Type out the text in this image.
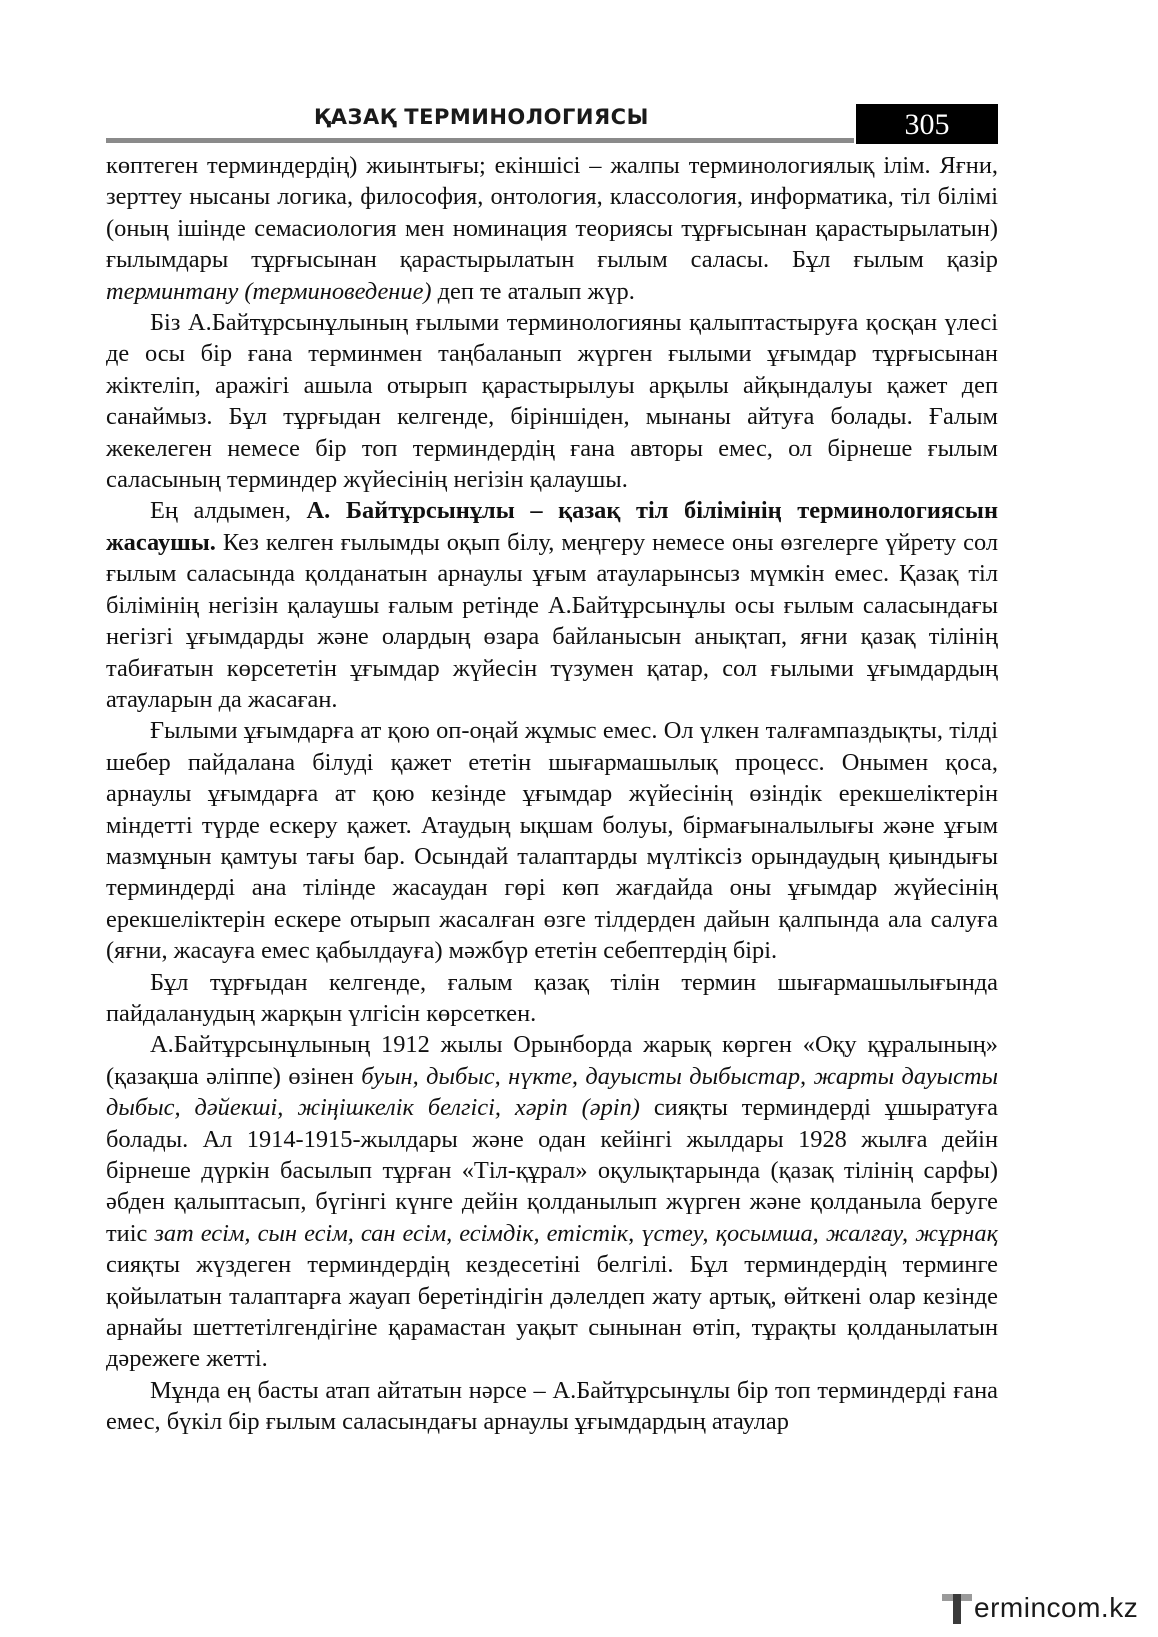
ҚАЗАҚ ТЕРМИНОЛОГИЯСЫ	305

көптеген терминдердің) жиынтығы; екіншісі – жалпы терминологиялық ілім. Яғни, зерттеу нысаны логика, философия, онтология, классология, информатика, тіл білімі (оның ішінде семасиология мен номинация теориясы тұрғысынан қарастырылатын) ғылымдары тұрғысынан қарастырылатын ғылым саласы. Бұл ғылым қазір терминтану (терминоведение) деп те аталып жүр.

Біз А.Байтұрсынұлының ғылыми терминологияны қалыптастыруға қосқан үлесі де осы бір ғана терминмен таңбаланып жүрген ғылыми ұғымдар тұрғысынан жіктеліп, аражігі ашыла отырып қарастырылуы арқылы айқындалуы қажет деп санаймыз. Бұл тұрғыдан келгенде, біріншіден, мынаны айтуға болады. Ғалым жекелеген немесе бір топ терминдердің ғана авторы емес, ол бірнеше ғылым саласының терминдер жүйесінің негізін қалаушы.

Ең алдымен, А. Байтұрсынұлы – қазақ тіл білімінің терминологиясын жасаушы. Кез келген ғылымды оқып білу, меңгеру немесе оны өзгелерге үйрету сол ғылым саласында қолданатын арнаулы ұғым атауларынсыз мүмкін емес. Қазақ тіл білімінің негізін қалаушы ғалым ретінде А.Байтұрсынұлы осы ғылым саласындағы негізгі ұғымдарды және олардың өзара байланысын анықтап, яғни қазақ тілінің табиғатын көрсететін ұғымдар жүйесін түзумен қатар, сол ғылыми ұғымдардың атауларын да жасаған.

Ғылыми ұғымдарға ат қою оп-оңай жұмыс емес. Ол үлкен талғампаздықты, тілді шебер пайдалана білуді қажет ететін шығармашылық процесс. Онымен қоса, арнаулы ұғымдарға ат қою кезінде ұғымдар жүйесінің өзіндік ерекшеліктерін міндетті түрде ескеру қажет. Атаудың ықшам болуы, бірмағыналылығы және ұғым мазмұнын қамтуы тағы бар. Осындай талаптарды мүлтіксіз орындаудың қиындығы терминдерді ана тілінде жасаудан гөрі көп жағдайда оны ұғымдар жүйесінің ерекшеліктерін ескере отырып жасалған өзге тілдерден дайын қалпында ала салуға (яғни, жасауға емес қабылдауға) мәжбүр ететін себептердің бірі.

Бұл тұрғыдан келгенде, ғалым қазақ тілін термин шығармашылығында пайдаланудың жарқын үлгісін көрсеткен.

А.Байтұрсынұлының 1912 жылы Орынборда жарық көрген «Оқу құралының» (қазақша әліппе) өзінен буын, дыбыс, нүкте, дауысты дыбыстар, жарты дауысты дыбыс, дәйекші, жіңішкелік белгісі, хәріп (әріп) сияқты терминдерді ұшыратуға болады. Ал 1914-1915-жылдары және одан кейінгі жылдары 1928 жылға дейін бірнеше дүркін басылып тұрған «Тіл-құрал» оқулықтарында (қазақ тілінің сарфы) әбден қалыптасып, бүгінгі күнге дейін қолданылып жүрген және қолданыла беруге тиіс зат есім, сын есім, сан есім, есімдік, етістік, үстеу, қосымша, жалғау, жұрнақ сияқты жүздеген терминдердің кездесетіні белгілі. Бұл терминдердің терминге қойылатын талаптарға жауап беретіндігін дәлелдеп жату артық, өйткені олар кезінде арнайы шеттетілгендігіне қарамастан уақыт сынынан өтіп, тұрақты қолданылатын дәрежеге жетті.

Мұнда ең басты атап айтатын нәрсе – А.Байтұрсынұлы бір топ терминдерді ғана емес, бүкіл бір ғылым саласындағы арнаулы ұғымдардың атаулар

ermincom.kz
